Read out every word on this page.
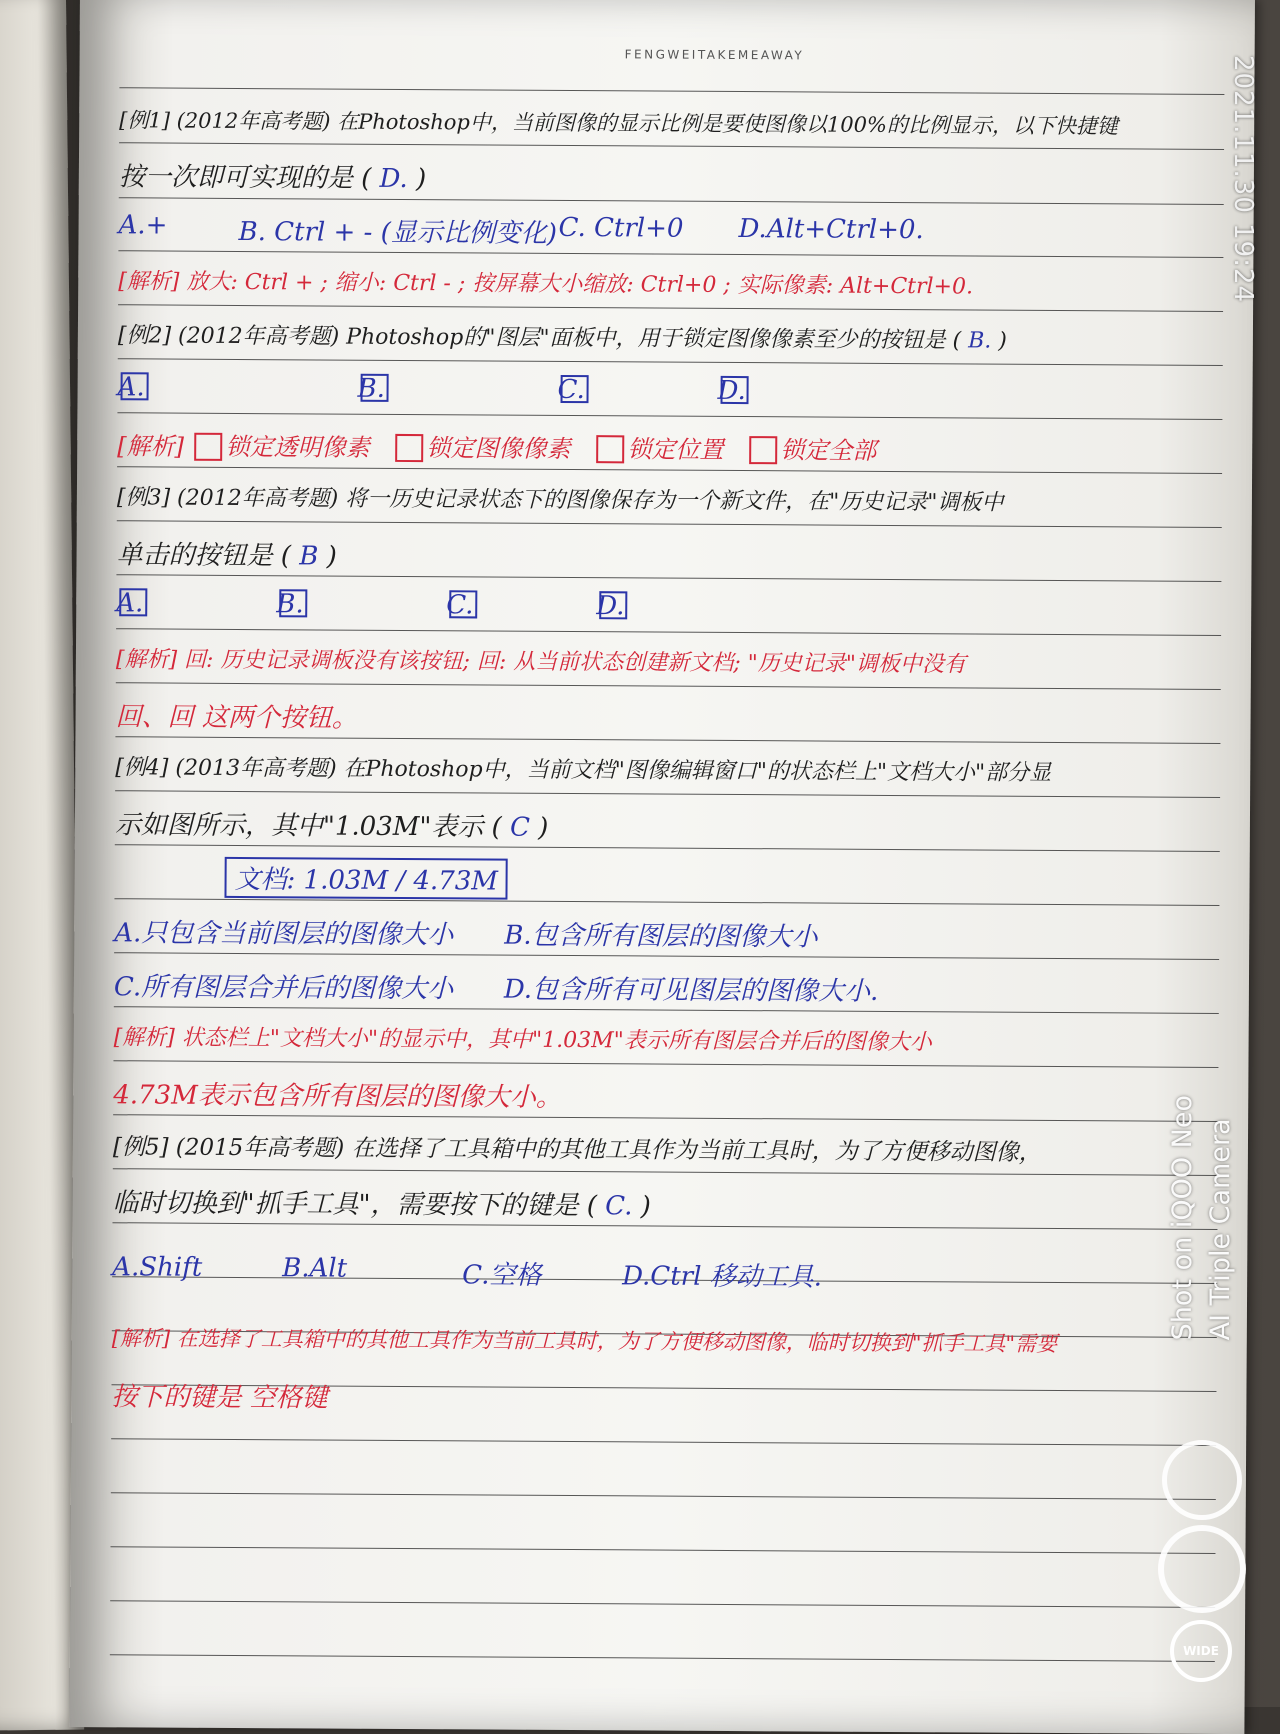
FENGWEITAKEMEAWAY
[例1] (2012年高考题) 在Photoshop中，当前图像的显示比例是要使图像以100%的比例显示，以下快捷键
按一次即可实现的是 ( D. )
A.+	B. Ctrl + - (显示比例变化) C. Ctrl+0 D.Alt+Ctrl+0.
[解析] 放大: Ctrl + ; 缩小: Ctrl - ; 按屏幕大小缩放: Ctrl+0 ; 实际像素: Alt+Ctrl+0.
[例2] (2012年高考题) Photoshop的"图层"面板中，用于锁定图像像素至少的按钮是 ( B. )
A.	B.	C.	D.
[解析] 锁定透明像素 锁定图像像素 锁定位置 锁定全部
[例3] (2012年高考题) 将一历史记录状态下的图像保存为一个新文件，在"历史记录"调板中
单击的按钮是 ( B )
A.	B.	C.	D.
[解析] 回: 历史记录调板没有该按钮; 回: 从当前状态创建新文档; "历史记录"调板中没有
回、回 这两个按钮。
[例4] (2013年高考题) 在Photoshop中，当前文档"图像编辑窗口"的状态栏上"文档大小"部分显
示如图所示，其中"1.03M"表示 ( C )
文档: 1.03M / 4.73M
A.只包含当前图层的图像大小 B.包含所有图层的图像大小
C.所有图层合并后的图像大小 D.包含所有可见图层的图像大小.
[解析] 状态栏上"文档大小"的显示中，其中"1.03M"表示所有图层合并后的图像大小
4.73M表示包含所有图层的图像大小。
[例5] (2015年高考题) 在选择了工具箱中的其他工具作为当前工具时，为了方便移动图像，
临时切换到"抓手工具"，需要按下的键是 ( C. )
A.Shift	B.Alt	C.空格	D.Ctrl 移动工具.
[解析] 在选择了工具箱中的其他工具作为当前工具时，为了方便移动图像，临时切换到"抓手工具"需要
按下的键是 空格键
2021.11.30 19:24
Shot on iQOO Neo AI Triple Camera
WIDE
